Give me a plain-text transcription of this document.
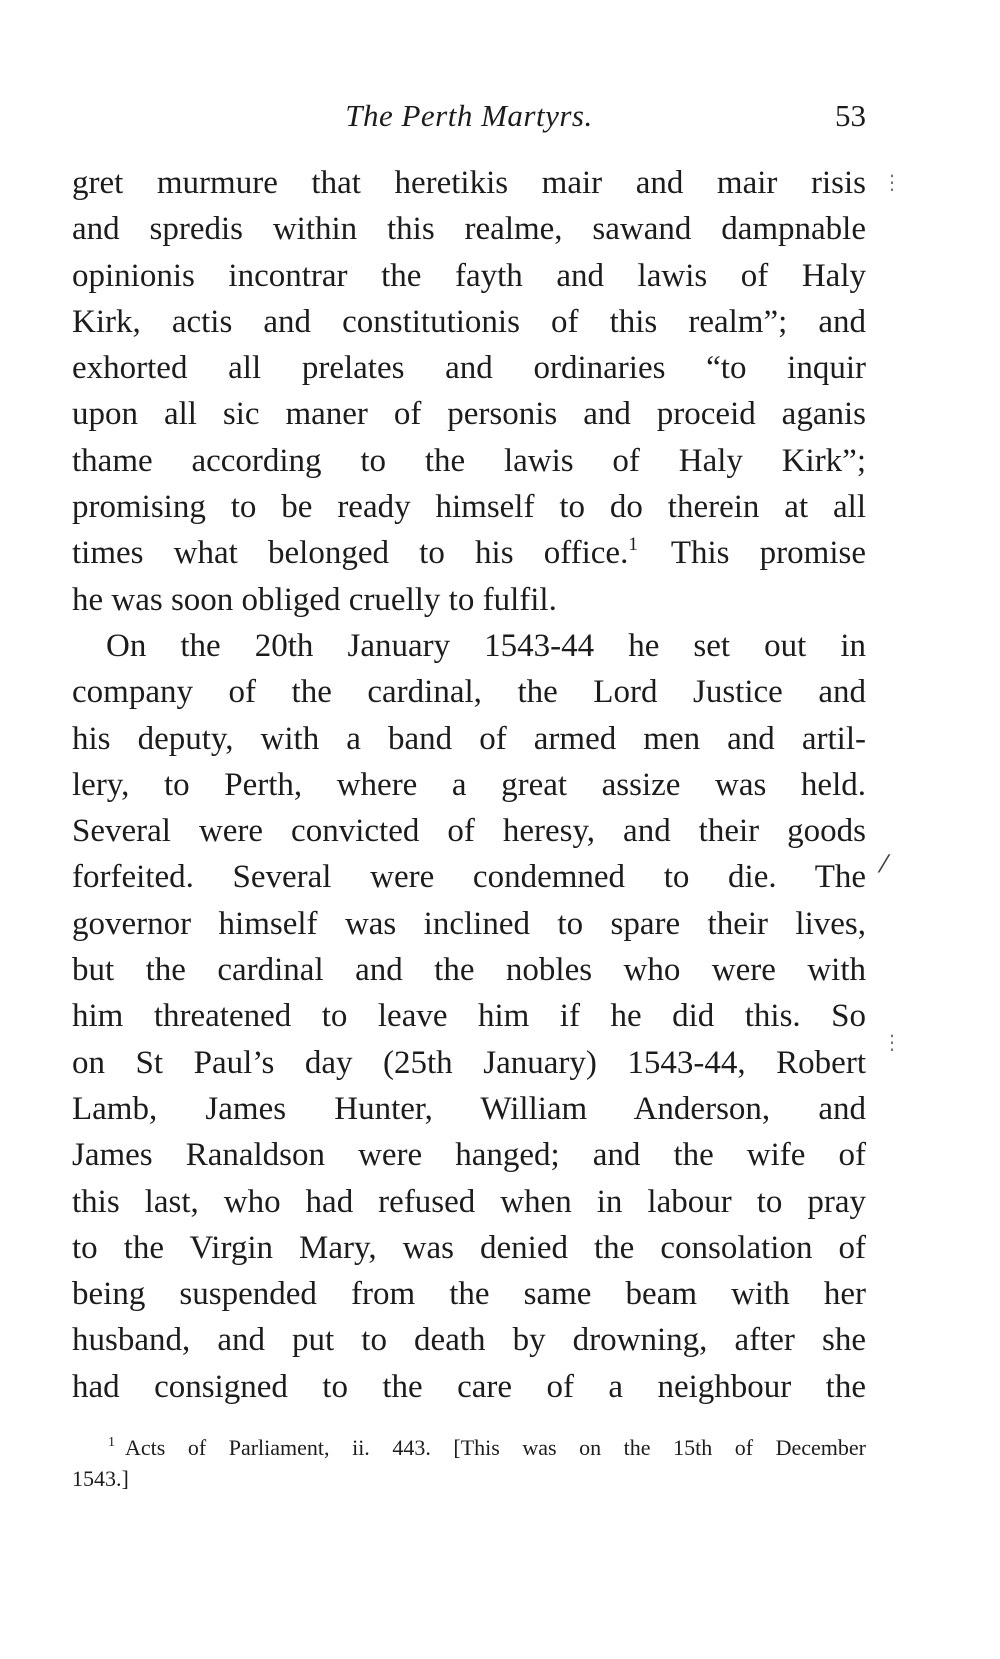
The Perth Martyrs.	53
gret murmure that heretikis mair and mair risis
and spredis within this realme, sawand dampnable
opinionis incontrar the fayth and lawis of Haly
Kirk, actis and constitutionis of this realm”; and
exhorted all prelates and ordinaries “to inquir
upon all sic maner of personis and proceid aganis
thame according to the lawis of Haly Kirk”;
promising to be ready himself to do therein at all
times what belonged to his office.$^1$  This promise
he was soon obliged cruelly to fulfil.
On the 20th January 1543-44 he set out in
company of the cardinal, the Lord Justice and
his deputy, with a band of armed men and artil-
lery, to Perth, where a great assize was held.
Several were convicted of heresy, and their goods
forfeited. Several were condemned to die. The
governor himself was inclined to spare their lives,
but the cardinal and the nobles who were with
him threatened to leave him if he did this. So
on St Paul’s day (25th January) 1543-44, Robert
Lamb, James Hunter, William Anderson, and
James Ranaldson were hanged; and the wife of
this last, who had refused when in labour to pray
to the Virgin Mary, was denied the consolation of
being suspended from the same beam with her
husband, and put to death by drowning, after she
had consigned to the care of a neighbour the
$^1$ Acts of Parliament, ii. 443. [This was on the 15th of December
1543.]
⋮
⁄
⋮
